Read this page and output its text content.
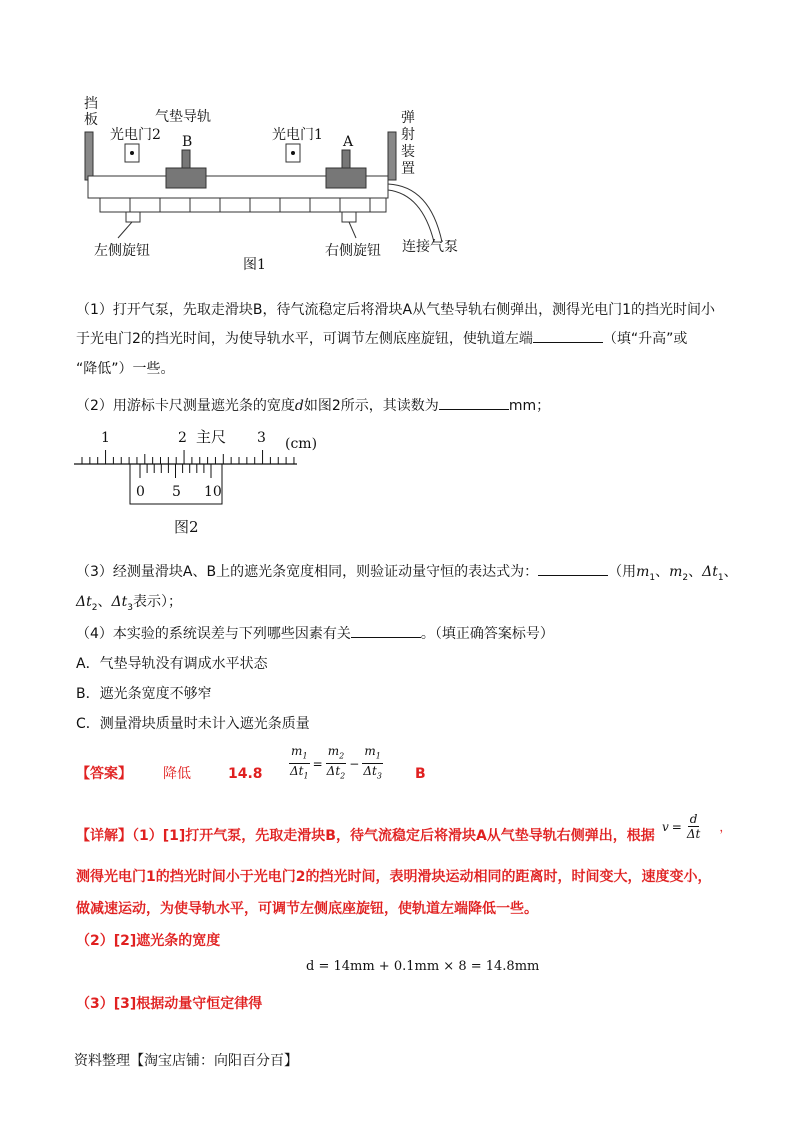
挡板	气垫导轨
光电门2	光电门1
B	A
弹射装置
左侧旋钮	右侧旋钮 连接气泵
图1
（1）打开气泵，先取走滑块B，待气流稳定后将滑块A从气垫导轨右侧弹出，测得光电门1的挡光时间小
于光电门2的挡光时间，为使导轨水平，可调节左侧底座旋钮，使轨道左端	（填“升高”或
“降低”）一些。
（2）用游标卡尺测量遮光条的宽度d如图2所示，其读数为	mm；
1	2	3
主尺	(cm)
0 5 10
图2
（3）经测量滑块A、B上的遮光条宽度相同，则验证动量守恒的表达式为：	（用$m_1$、$m_2$、$\Delta t_1$、
$\Delta t_2$、$\Delta t_3$表示）；
（4）本实验的系统误差与下列哪些因素有关	。（填正确答案标号）
A．气垫导轨没有调成水平状态
B．遮光条宽度不够窄
C．测量滑块质量时未计入遮光条质量
【答案】 降低	$14.8 \frac{m_1}{\Delta t_1} = \frac{m_2}{\Delta t_2} - \frac{m_1}{\Delta t_3}$ B
【详解】（1）[1]打开气泵，先取走滑块B，待气流稳定后将滑块A从气垫导轨右侧弹出，根据
$v = \frac{d}{\Delta t}$ ，
测得光电门1的挡光时间小于光电门2的挡光时间，表明滑块运动相同的距离时，时间变大，速度变小，
做减速运动，为使导轨水平，可调节左侧底座旋钮，使轨道左端降低一些。
（2）[2]遮光条的宽度
d = 14mm + 0.1mm × 8 = 14.8mm
（3）[3]根据动量守恒定律得
资料整理【淘宝店铺：向阳百分百】
